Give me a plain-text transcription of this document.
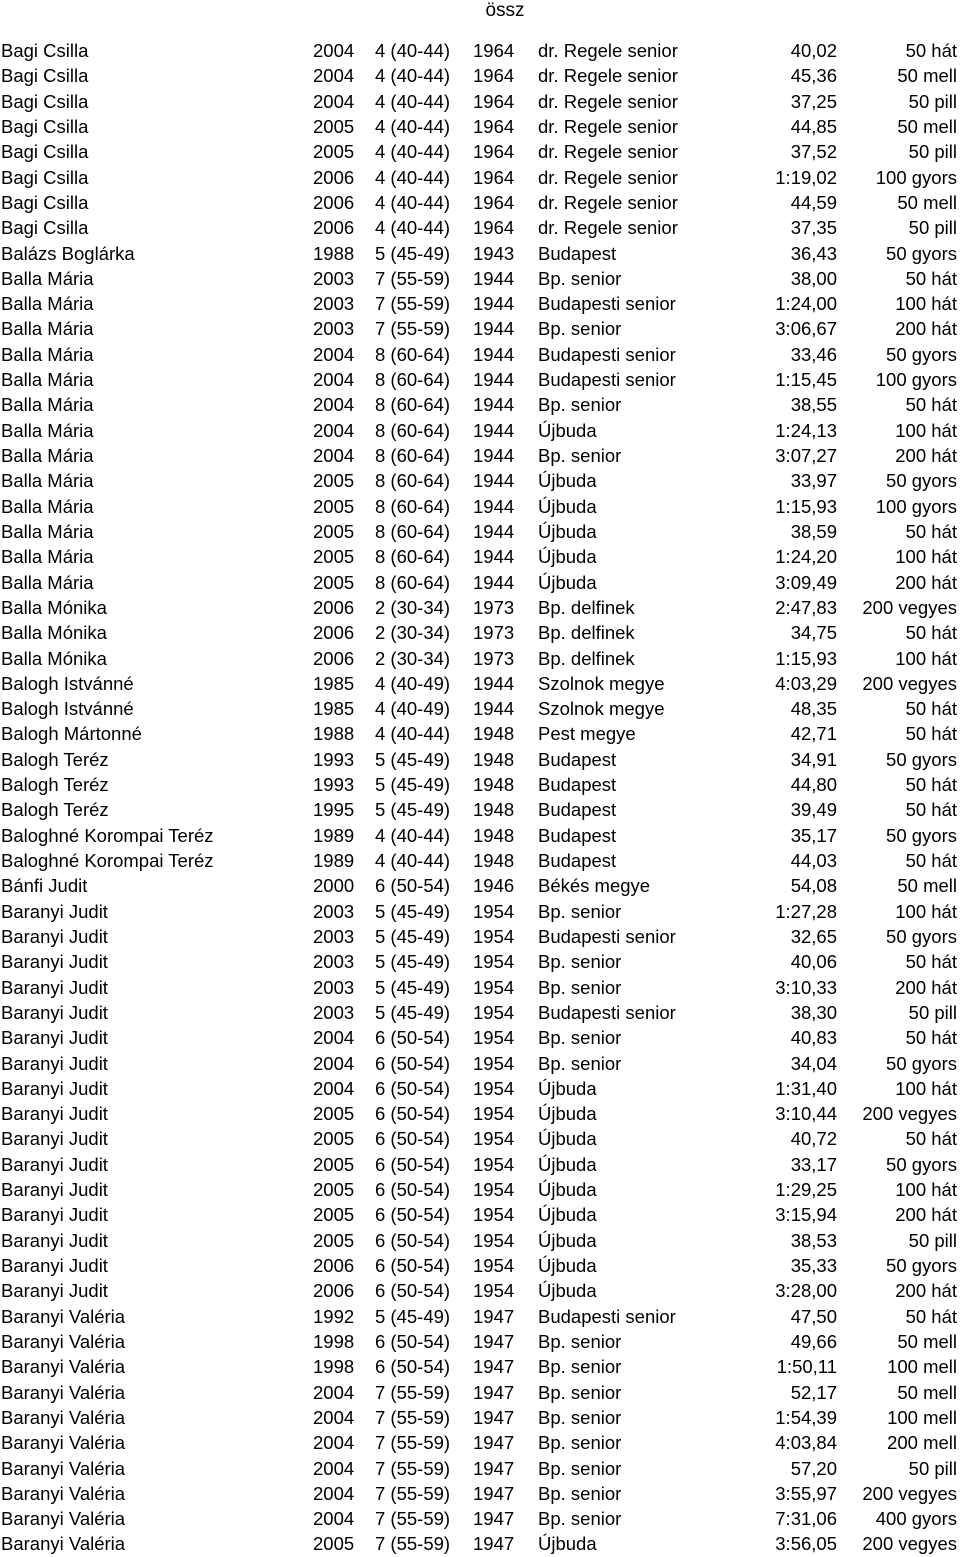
össz
Bagi Csilla	2004 4 (40-44) 1964 dr. Regele senior	40,02	50 hát
Bagi Csilla	2004 4 (40-44) 1964 dr. Regele senior	45,36	50 mell
Bagi Csilla	2004 4 (40-44) 1964 dr. Regele senior	37,25	50 pill
Bagi Csilla	2005 4 (40-44) 1964 dr. Regele senior	44,85	50 mell
Bagi Csilla	2005 4 (40-44) 1964 dr. Regele senior	37,52	50 pill
Bagi Csilla	2006 4 (40-44) 1964 dr. Regele senior	1:19,02 100 gyors
Bagi Csilla	2006 4 (40-44) 1964 dr. Regele senior	44,59	50 mell
Bagi Csilla	2006 4 (40-44) 1964 dr. Regele senior	37,35	50 pill
Balázs Boglárka	1988 5 (45-49) 1943 Budapest	36,43	50 gyors
Balla Mária	2003 7 (55-59) 1944 Bp. senior	38,00	50 hát
Balla Mária	2003 7 (55-59) 1944 Budapesti senior	1:24,00	100 hát
Balla Mária	2003 7 (55-59) 1944 Bp. senior	3:06,67	200 hát
Balla Mária	2004 8 (60-64) 1944 Budapesti senior	33,46	50 gyors
Balla Mária	2004 8 (60-64) 1944 Budapesti senior	1:15,45 100 gyors
Balla Mária	2004 8 (60-64) 1944 Bp. senior	38,55	50 hát
Balla Mária	2004 8 (60-64) 1944 Újbuda	1:24,13	100 hát
Balla Mária	2004 8 (60-64) 1944 Bp. senior	3:07,27	200 hát
Balla Mária	2005 8 (60-64) 1944 Újbuda	33,97	50 gyors
Balla Mária	2005 8 (60-64) 1944 Újbuda	1:15,93 100 gyors
Balla Mária	2005 8 (60-64) 1944 Újbuda	38,59	50 hát
Balla Mária	2005 8 (60-64) 1944 Újbuda	1:24,20	100 hát
Balla Mária	2005 8 (60-64) 1944 Újbuda	3:09,49	200 hát
Balla Mónika	2006 2 (30-34) 1973 Bp. delfinek	2:47,83 200 vegyes
Balla Mónika	2006 2 (30-34) 1973 Bp. delfinek	34,75	50 hát
Balla Mónika	2006 2 (30-34) 1973 Bp. delfinek	1:15,93	100 hát
Balogh Istvánné	1985 4 (40-49) 1944 Szolnok megye	4:03,29 200 vegyes
Balogh Istvánné	1985 4 (40-49) 1944 Szolnok megye	48,35	50 hát
Balogh Mártonné	1988 4 (40-44) 1948 Pest megye	42,71	50 hát
Balogh Teréz	1993 5 (45-49) 1948 Budapest	34,91	50 gyors
Balogh Teréz	1993 5 (45-49) 1948 Budapest	44,80	50 hát
Balogh Teréz	1995 5 (45-49) 1948 Budapest	39,49	50 hát
Baloghné Korompai Teréz	1989 4 (40-44) 1948 Budapest	35,17	50 gyors
Baloghné Korompai Teréz	1989 4 (40-44) 1948 Budapest	44,03	50 hát
Bánfi Judit	2000 6 (50-54) 1946 Békés megye	54,08	50 mell
Baranyi Judit	2003 5 (45-49) 1954 Bp. senior	1:27,28	100 hát
Baranyi Judit	2003 5 (45-49) 1954 Budapesti senior	32,65	50 gyors
Baranyi Judit	2003 5 (45-49) 1954 Bp. senior	40,06	50 hát
Baranyi Judit	2003 5 (45-49) 1954 Bp. senior	3:10,33	200 hát
Baranyi Judit	2003 5 (45-49) 1954 Budapesti senior	38,30	50 pill
Baranyi Judit	2004 6 (50-54) 1954 Bp. senior	40,83	50 hát
Baranyi Judit	2004 6 (50-54) 1954 Bp. senior	34,04	50 gyors
Baranyi Judit	2004 6 (50-54) 1954 Újbuda	1:31,40	100 hát
Baranyi Judit	2005 6 (50-54) 1954 Újbuda	3:10,44 200 vegyes
Baranyi Judit	2005 6 (50-54) 1954 Újbuda	40,72	50 hát
Baranyi Judit	2005 6 (50-54) 1954 Újbuda	33,17	50 gyors
Baranyi Judit	2005 6 (50-54) 1954 Újbuda	1:29,25	100 hát
Baranyi Judit	2005 6 (50-54) 1954 Újbuda	3:15,94	200 hát
Baranyi Judit	2005 6 (50-54) 1954 Újbuda	38,53	50 pill
Baranyi Judit	2006 6 (50-54) 1954 Újbuda	35,33	50 gyors
Baranyi Judit	2006 6 (50-54) 1954 Újbuda	3:28,00	200 hát
Baranyi Valéria	1992 5 (45-49) 1947 Budapesti senior	47,50	50 hát
Baranyi Valéria	1998 6 (50-54) 1947 Bp. senior	49,66	50 mell
Baranyi Valéria	1998 6 (50-54) 1947 Bp. senior	1:50,11	100 mell
Baranyi Valéria	2004 7 (55-59) 1947 Bp. senior	52,17	50 mell
Baranyi Valéria	2004 7 (55-59) 1947 Bp. senior	1:54,39	100 mell
Baranyi Valéria	2004 7 (55-59) 1947 Bp. senior	4:03,84	200 mell
Baranyi Valéria	2004 7 (55-59) 1947 Bp. senior	57,20	50 pill
Baranyi Valéria	2004 7 (55-59) 1947 Bp. senior	3:55,97 200 vegyes
Baranyi Valéria	2004 7 (55-59) 1947 Bp. senior	7:31,06 400 gyors
Baranyi Valéria	2005 7 (55-59) 1947 Újbuda	3:56,05 200 vegyes
